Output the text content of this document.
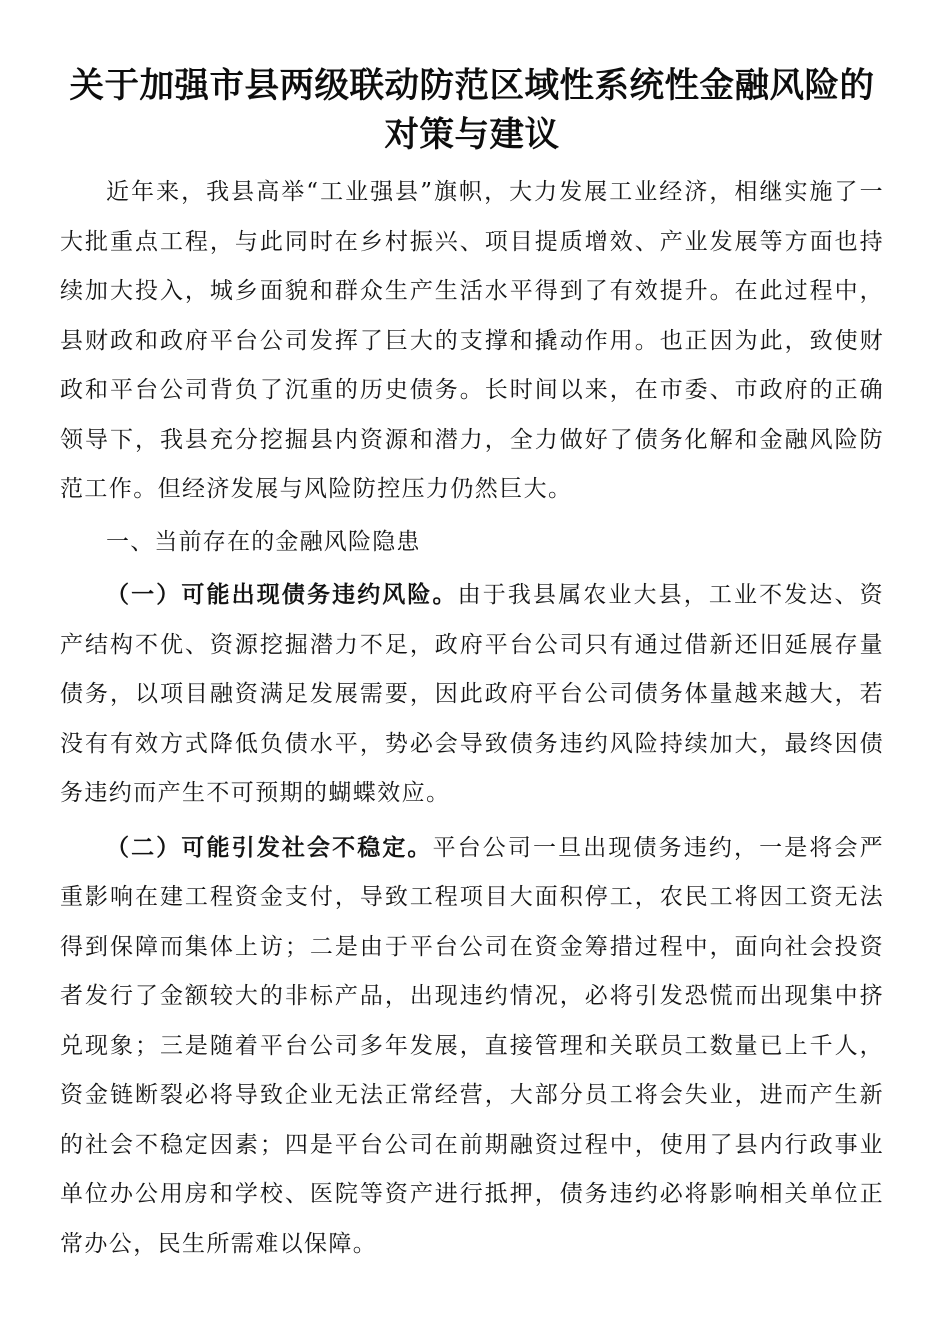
关于加强市县两级联动防范区域性系统性金融风险的
对策与建议

近年来，我县高举“工业强县”旗帜，大力发展工业经济，相继实施了一大批重点工程，与此同时在乡村振兴、项目提质增效、产业发展等方面也持续加大投入，城乡面貌和群众生产生活水平得到了有效提升。在此过程中，县财政和政府平台公司发挥了巨大的支撑和撬动作用。也正因为此，致使财政和平台公司背负了沉重的历史债务。长时间以来，在市委、市政府的正确领导下，我县充分挖掘县内资源和潜力，全力做好了债务化解和金融风险防范工作。但经济发展与风险防控压力仍然巨大。

一、当前存在的金融风险隐患

（一）可能出现债务违约风险。由于我县属农业大县，工业不发达、资产结构不优、资源挖掘潜力不足，政府平台公司只有通过借新还旧延展存量债务，以项目融资满足发展需要，因此政府平台公司债务体量越来越大，若没有有效方式降低负债水平，势必会导致债务违约风险持续加大，最终因债务违约而产生不可预期的蝴蝶效应。

（二）可能引发社会不稳定。平台公司一旦出现债务违约，一是将会严重影响在建工程资金支付，导致工程项目大面积停工，农民工将因工资无法得到保障而集体上访；二是由于平台公司在资金筹措过程中，面向社会投资者发行了金额较大的非标产品，出现违约情况，必将引发恐慌而出现集中挤兑现象；三是随着平台公司多年发展，直接管理和关联员工数量已上千人，资金链断裂必将导致企业无法正常经营，大部分员工将会失业，进而产生新的社会不稳定因素；四是平台公司在前期融资过程中，使用了县内行政事业单位办公用房和学校、医院等资产进行抵押，债务违约必将影响相关单位正常办公，民生所需难以保障。
